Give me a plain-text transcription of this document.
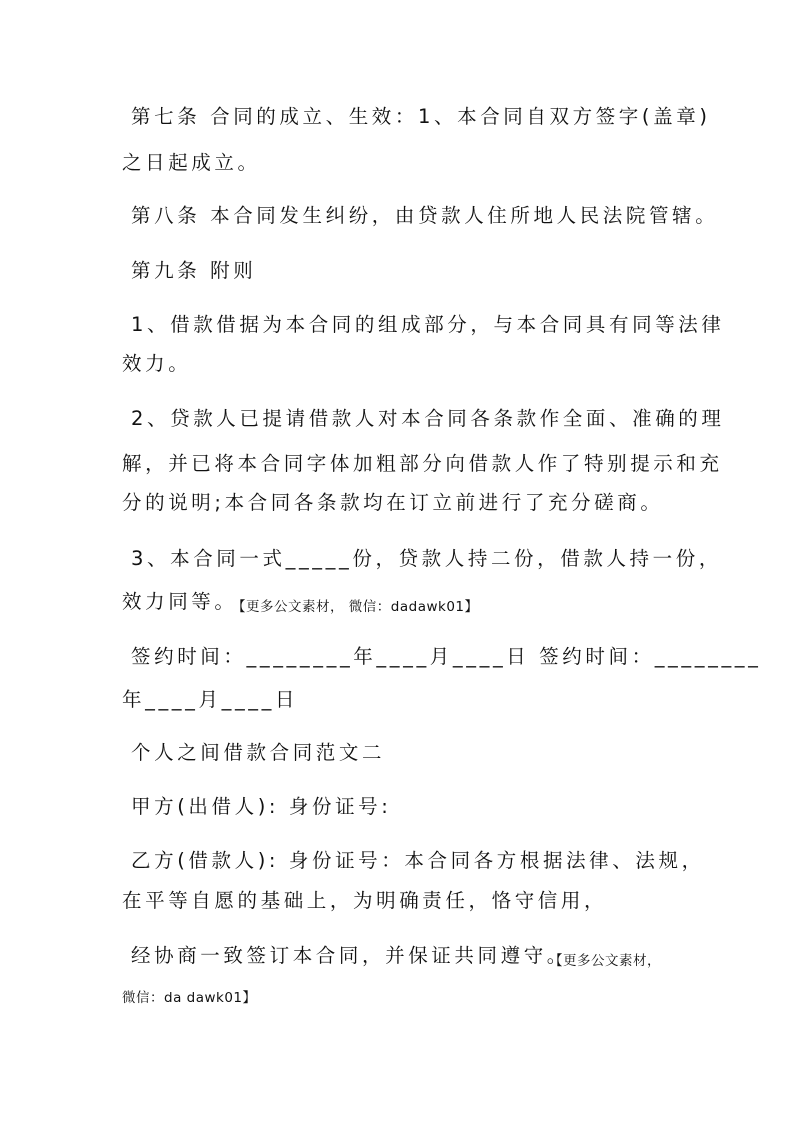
第七条 合同的成立、生效：1、本合同自双方签字(盖章)
之日起成立。
第八条 本合同发生纠纷，由贷款人住所地人民法院管辖。
第九条 附则
1、借款借据为本合同的组成部分，与本合同具有同等法律
效力。
2、贷款人已提请借款人对本合同各条款作全面、准确的理
解，并已将本合同字体加粗部分向借款人作了特别提示和充
分的说明;本合同各条款均在订立前进行了充分磋商。
3、本合同一式_____份，贷款人持二份，借款人持一份，
效力同等。
【更多公文素材， 微信：dadawk01】
签约时间：________年____月____日 签约时间：________
年____月____日
个人之间借款合同范文二
甲方(出借人): 身份证号:
乙方(借款人): 身份证号：本合同各方根据法律、法规，
在平等自愿的基础上，为明确责任，恪守信用，
经协商一致签订本合同，并保证共同遵守。
【更多公文素材，
微信：da dawk01】
